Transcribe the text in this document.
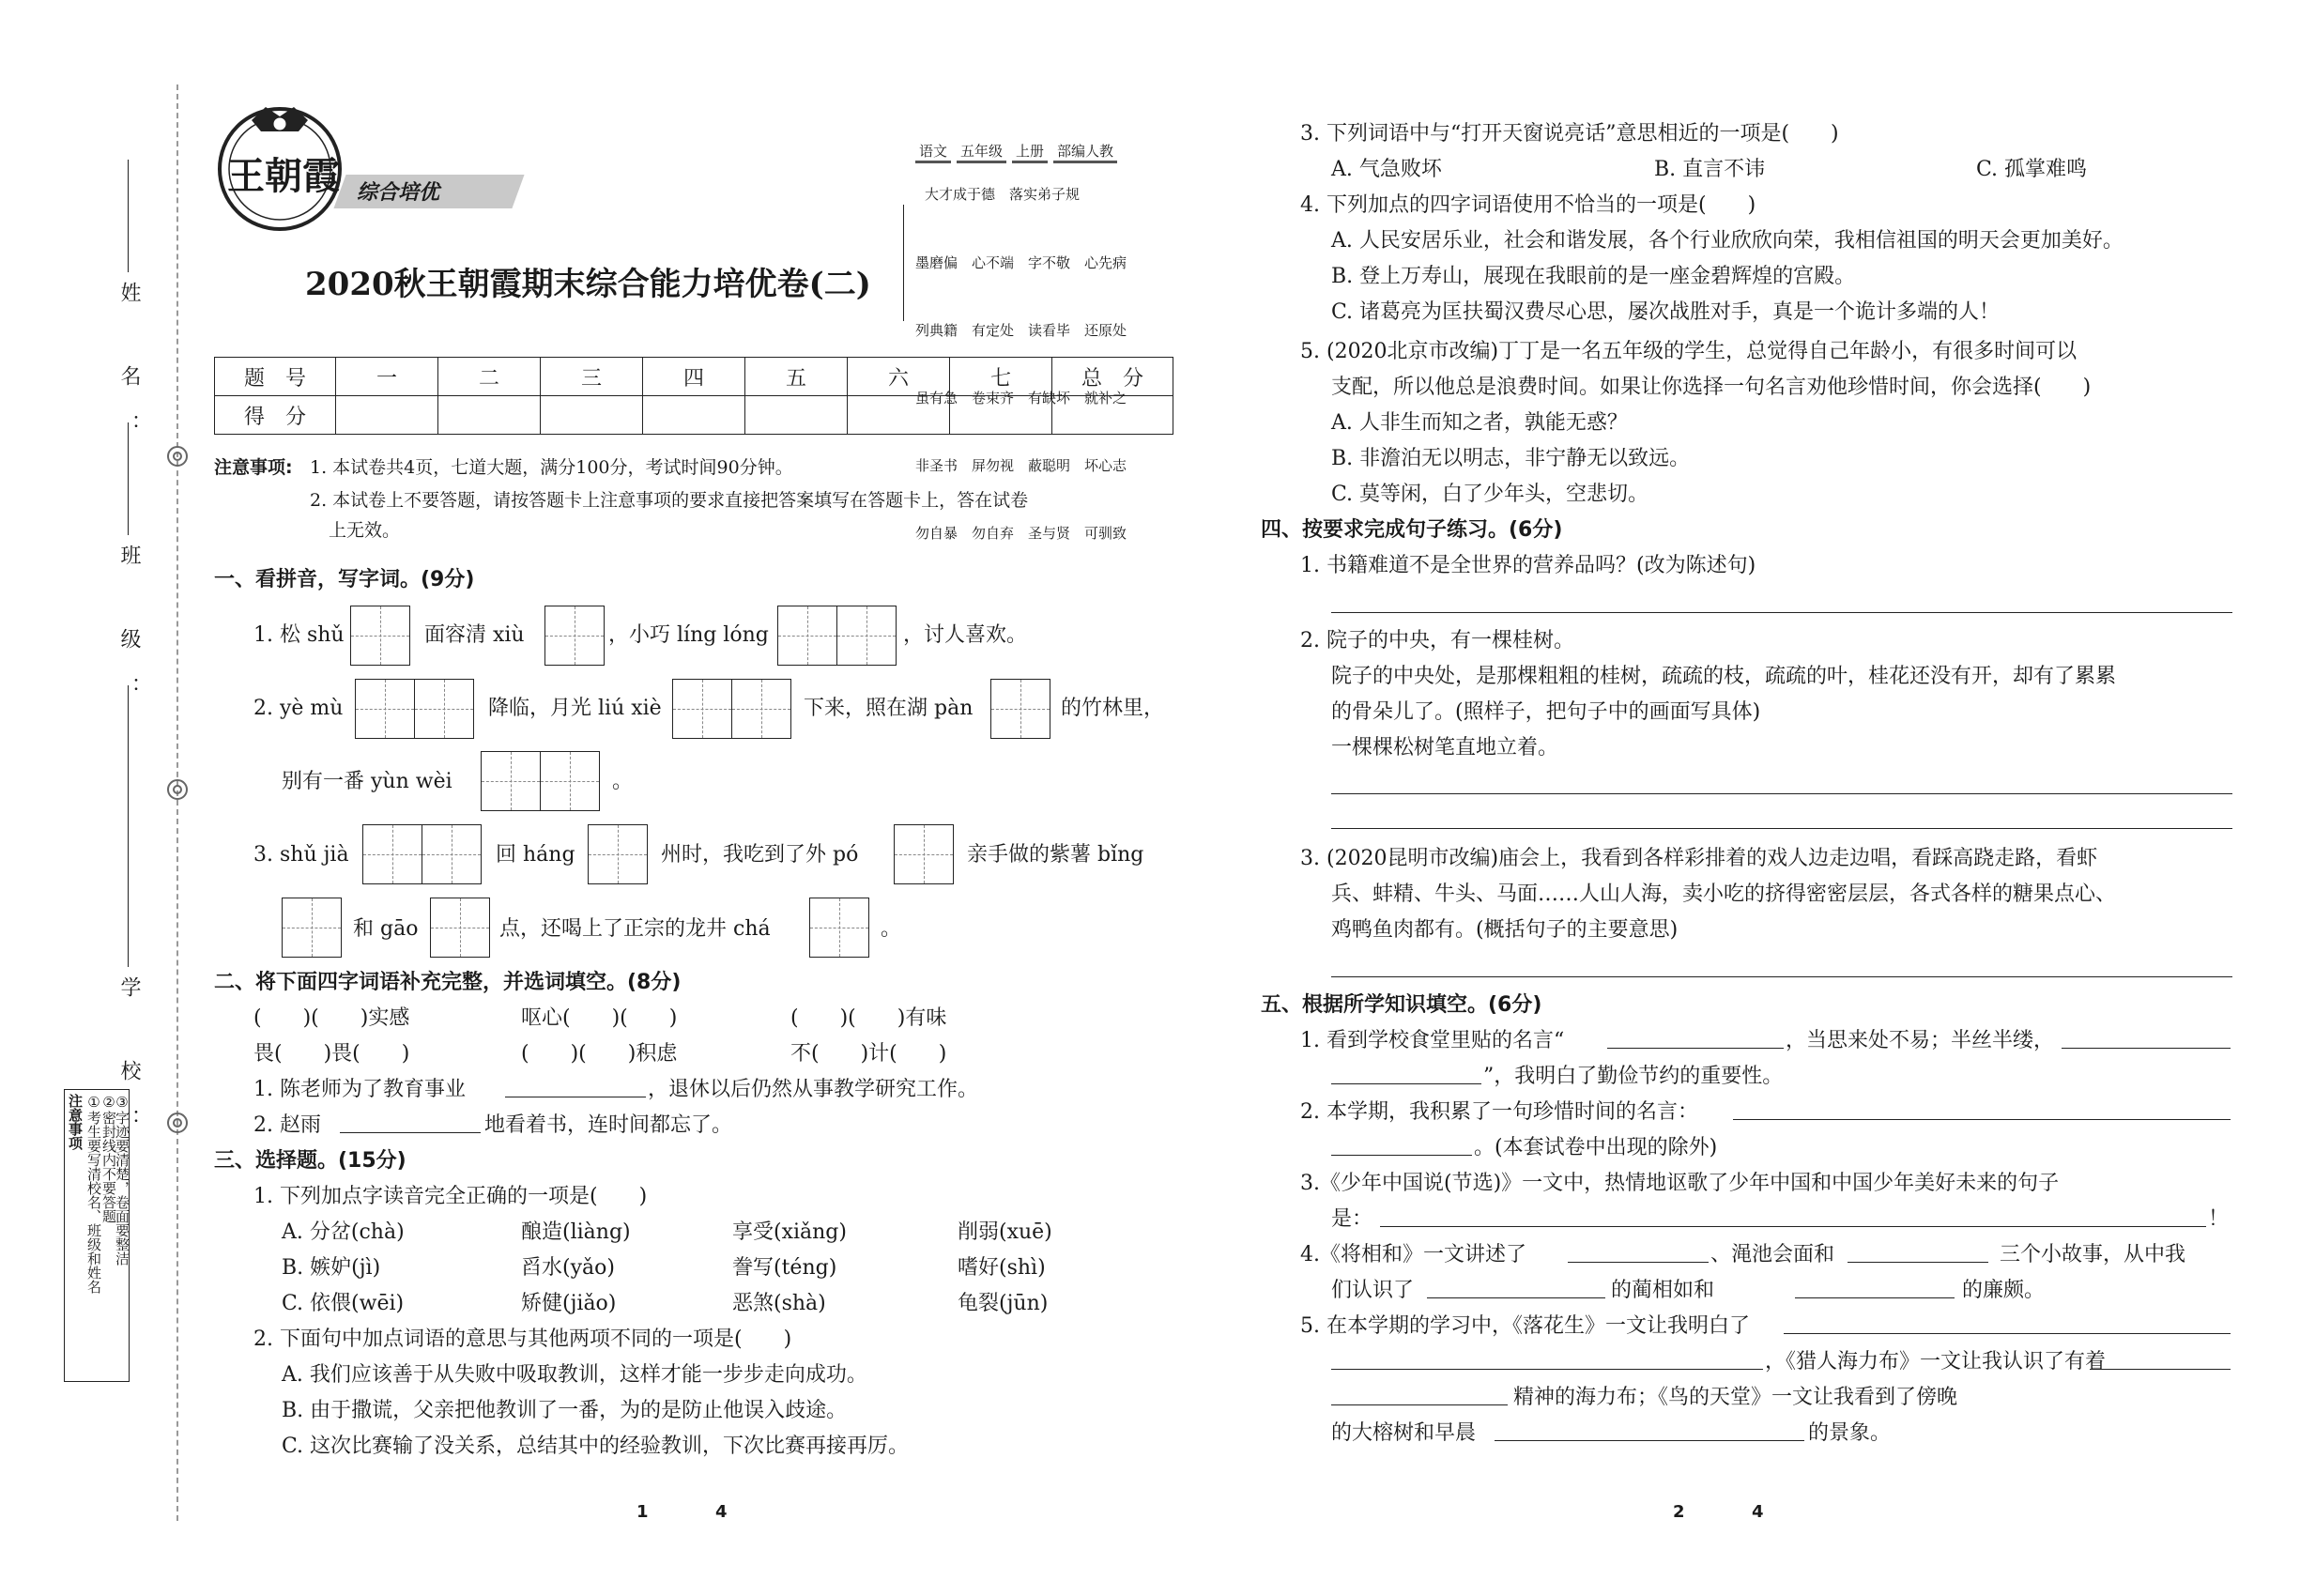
姓 名：
班 级：
学 校：
注意事项 ①考生要写清校名、班级和姓名
②密封线内不要答题
③字迹要清楚，卷面要整洁
王朝霞 综合培优
语文 五年级 上册 部编人教
大才成于德　落实弟子规

墨磨偏　心不端　字不敬　心先病

列典籍　有定处　读看毕　还原处

虽有急　卷束齐　有缺坏　就补之

非圣书　屏勿视　蔽聪明　坏心志

勿自暴　勿自弃　圣与贤　可驯致

2020秋王朝霞期末综合能力培优卷(二)
题　号	一	二	三	四	五	六	七	总　分
得　分								
注意事项: 1. 本试卷共4页，七道大题，满分100分，考试时间90分钟。
2. 本试卷上不要答题，请按答题卡上注意事项的要求直接把答案填写在答题卡上，答在试卷
上无效。
一、看拼音，写字词。(9分)
1. 松 shǔ	面容清 xiù	，小巧 líng lóng	，讨人喜欢。
2. yè mù	降临，月光 liú xiè	下来，照在湖 pàn	的竹林里，
别有一番 yùn wèi	。
3. shǔ jià	回 háng	州时，我吃到了外 pó	亲手做的紫薯 bǐng
和 gāo	点，还喝上了正宗的龙井 chá	。
二、将下面四字词语补充完整，并选词填空。(8分)
(　　)(　　)实感	呕心(　　)(　　)	(　　)(　　)有味
畏(　　)畏(　　)	(　　)(　　)积虑	不(　　)计(　　)
1. 陈老师为了教育事业	，退休以后仍然从事教学研究工作。
2. 赵雨	地看着书，连时间都忘了。
三、选择题。(15分)
1. 下列加点字读音完全正确的一项是(　　)
A. 分岔(chà)	酿造(liàng)	享受(xiǎng)	削弱(xuē)
B. 嫉妒(jì)	舀水(yǎo)	誊写(téng)	嗜好(shì)
C. 依偎(wēi)	矫健(jiǎo)	恶煞(shà)	龟裂(jūn)
2. 下面句中加点词语的意思与其他两项不同的一项是(　　)
A. 我们应该善于从失败中吸取教训，这样才能一步步走向成功。
B. 由于撒谎，父亲把他教训了一番，为的是防止他误入歧途。
C. 这次比赛输了没关系，总结其中的经验教训，下次比赛再接再厉。
1	4
3. 下列词语中与“打开天窗说亮话”意思相近的一项是(　　)
A. 气急败坏	B. 直言不讳	C. 孤掌难鸣
4. 下列加点的四字词语使用不恰当的一项是(　　)
A. 人民安居乐业，社会和谐发展，各个行业欣欣向荣，我相信祖国的明天会更加美好。
B. 登上万寿山，展现在我眼前的是一座金碧辉煌的宫殿。
C. 诸葛亮为匡扶蜀汉费尽心思，屡次战胜对手，真是一个诡计多端的人！
5. (2020北京市改编)丁丁是一名五年级的学生，总觉得自己年龄小，有很多时间可以
支配，所以他总是浪费时间。如果让你选择一句名言劝他珍惜时间，你会选择(　　)
A. 人非生而知之者，孰能无惑？
B. 非澹泊无以明志，非宁静无以致远。
C. 莫等闲，白了少年头，空悲切。
四、按要求完成句子练习。(6分)
1. 书籍难道不是全世界的营养品吗？(改为陈述句)
2. 院子的中央，有一棵桂树。
院子的中央处，是那棵粗粗的桂树，疏疏的枝，疏疏的叶，桂花还没有开，却有了累累
的骨朵儿了。(照样子，把句子中的画面写具体)
一棵棵松树笔直地立着。
3. (2020昆明市改编)庙会上，我看到各样彩排着的戏人边走边唱，看踩高跷走路，看虾
兵、蚌精、牛头、马面……人山人海，卖小吃的挤得密密层层，各式各样的糖果点心、
鸡鸭鱼肉都有。(概括句子的主要意思)
五、根据所学知识填空。(6分)
1. 看到学校食堂里贴的名言“	，当思来处不易；半丝半缕，
”，我明白了勤俭节约的重要性。
2. 本学期，我积累了一句珍惜时间的名言：
。(本套试卷中出现的除外)
3.《少年中国说(节选)》一文中，热情地讴歌了少年中国和中国少年美好未来的句子
是：	！
4.《将相和》一文讲述了	、渑池会面和	三个小故事，从中我
们认识了	的蔺相如和	的廉颇。
5. 在本学期的学习中，《落花生》一文让我明白了
，《猎人海力布》一文让我认识了有着
精神的海力布；《鸟的天堂》一文让我看到了傍晚
的大榕树和早晨	的景象。
2	4
